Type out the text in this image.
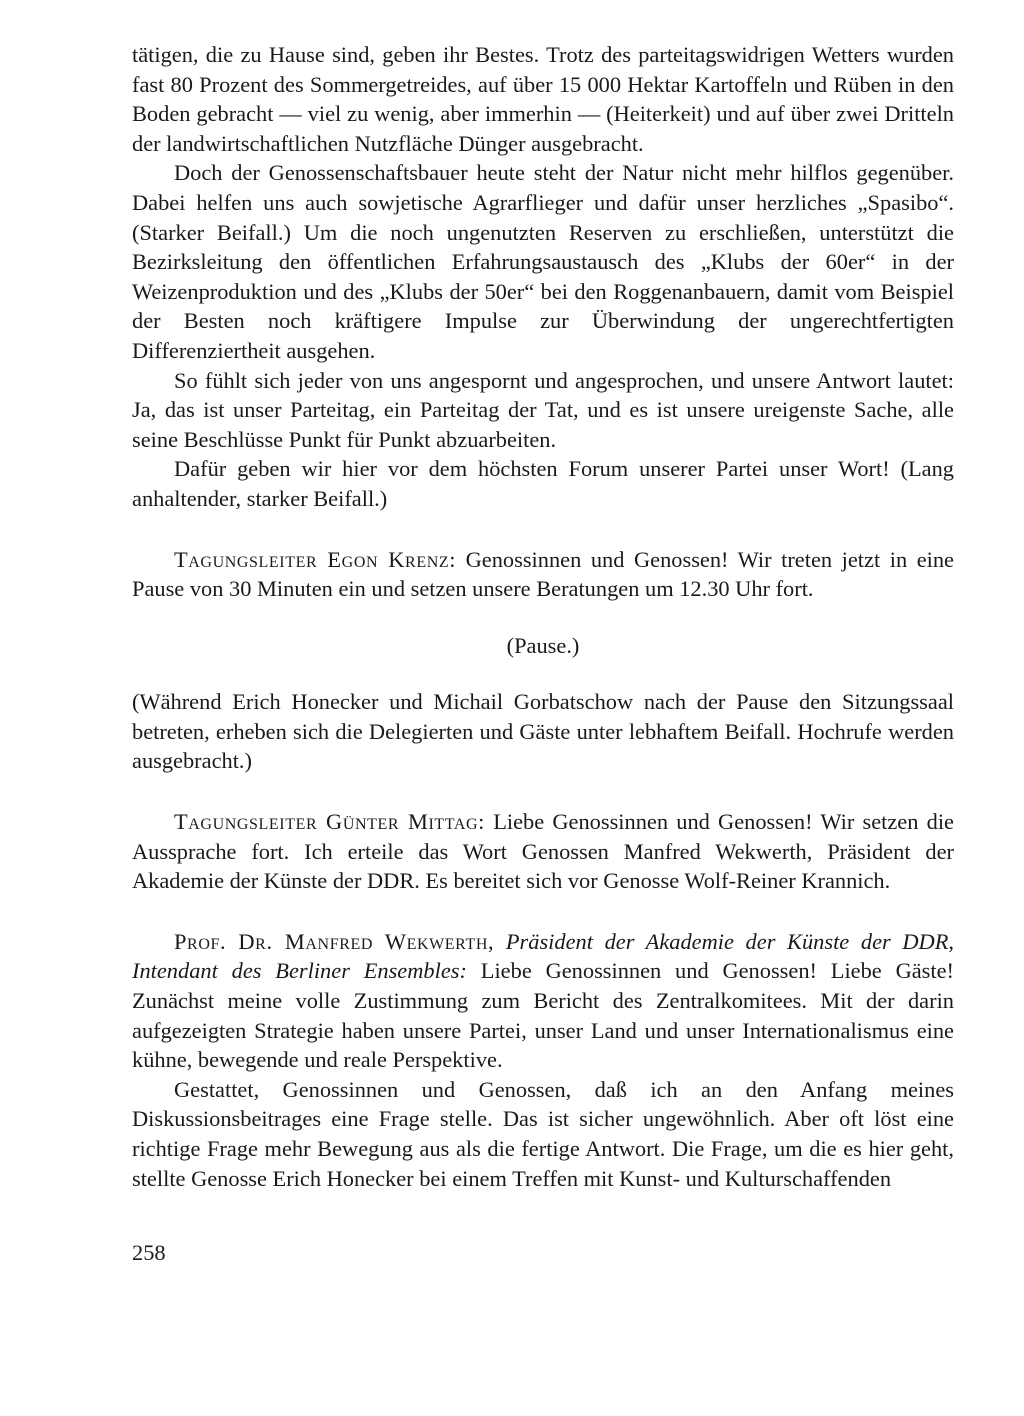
tätigen, die zu Hause sind, geben ihr Bestes. Trotz des parteitagswidrigen Wetters wurden fast 80 Prozent des Sommergetreides, auf über 15 000 Hektar Kartoffeln und Rüben in den Boden gebracht — viel zu wenig, aber immerhin — (Heiterkeit) und auf über zwei Dritteln der landwirtschaftlichen Nutzfläche Dünger ausgebracht.

Doch der Genossenschaftsbauer heute steht der Natur nicht mehr hilflos gegenüber. Dabei helfen uns auch sowjetische Agrarflieger und dafür unser herzliches „Spasibo“. (Starker Beifall.) Um die noch ungenutzten Reserven zu erschließen, unterstützt die Bezirksleitung den öffentlichen Erfahrungsaustausch des „Klubs der 60er“ in der Weizenproduktion und des „Klubs der 50er“ bei den Roggenanbauern, damit vom Beispiel der Besten noch kräftigere Impulse zur Überwindung der ungerechtfertigten Differenziertheit ausgehen.

So fühlt sich jeder von uns angespornt und angesprochen, und unsere Antwort lautet: Ja, das ist unser Parteitag, ein Parteitag der Tat, und es ist unsere ureigenste Sache, alle seine Beschlüsse Punkt für Punkt abzuarbeiten.

Dafür geben wir hier vor dem höchsten Forum unserer Partei unser Wort! (Lang anhaltender, starker Beifall.)

Tagungsleiter Egon Krenz: Genossinnen und Genossen! Wir treten jetzt in eine Pause von 30 Minuten ein und setzen unsere Beratungen um 12.30 Uhr fort.

(Pause.)

(Während Erich Honecker und Michail Gorbatschow nach der Pause den Sitzungssaal betreten, erheben sich die Delegierten und Gäste unter lebhaftem Beifall. Hochrufe werden ausgebracht.)

Tagungsleiter Günter Mittag: Liebe Genossinnen und Genossen! Wir setzen die Aussprache fort. Ich erteile das Wort Genossen Manfred Wekwerth, Präsident der Akademie der Künste der DDR. Es bereitet sich vor Genosse Wolf-Reiner Krannich.

Prof. Dr. Manfred Wekwerth, Präsident der Akademie der Künste der DDR, Intendant des Berliner Ensembles: Liebe Genossinnen und Genossen! Liebe Gäste! Zunächst meine volle Zustimmung zum Bericht des Zentralkomitees. Mit der darin aufgezeigten Strategie haben unsere Partei, unser Land und unser Internationalismus eine kühne, bewegende und reale Perspektive.

Gestattet, Genossinnen und Genossen, daß ich an den Anfang meines Diskussionsbeitrages eine Frage stelle. Das ist sicher ungewöhnlich. Aber oft löst eine richtige Frage mehr Bewegung aus als die fertige Antwort. Die Frage, um die es hier geht, stellte Genosse Erich Honecker bei einem Treffen mit Kunst- und Kulturschaffenden

258
